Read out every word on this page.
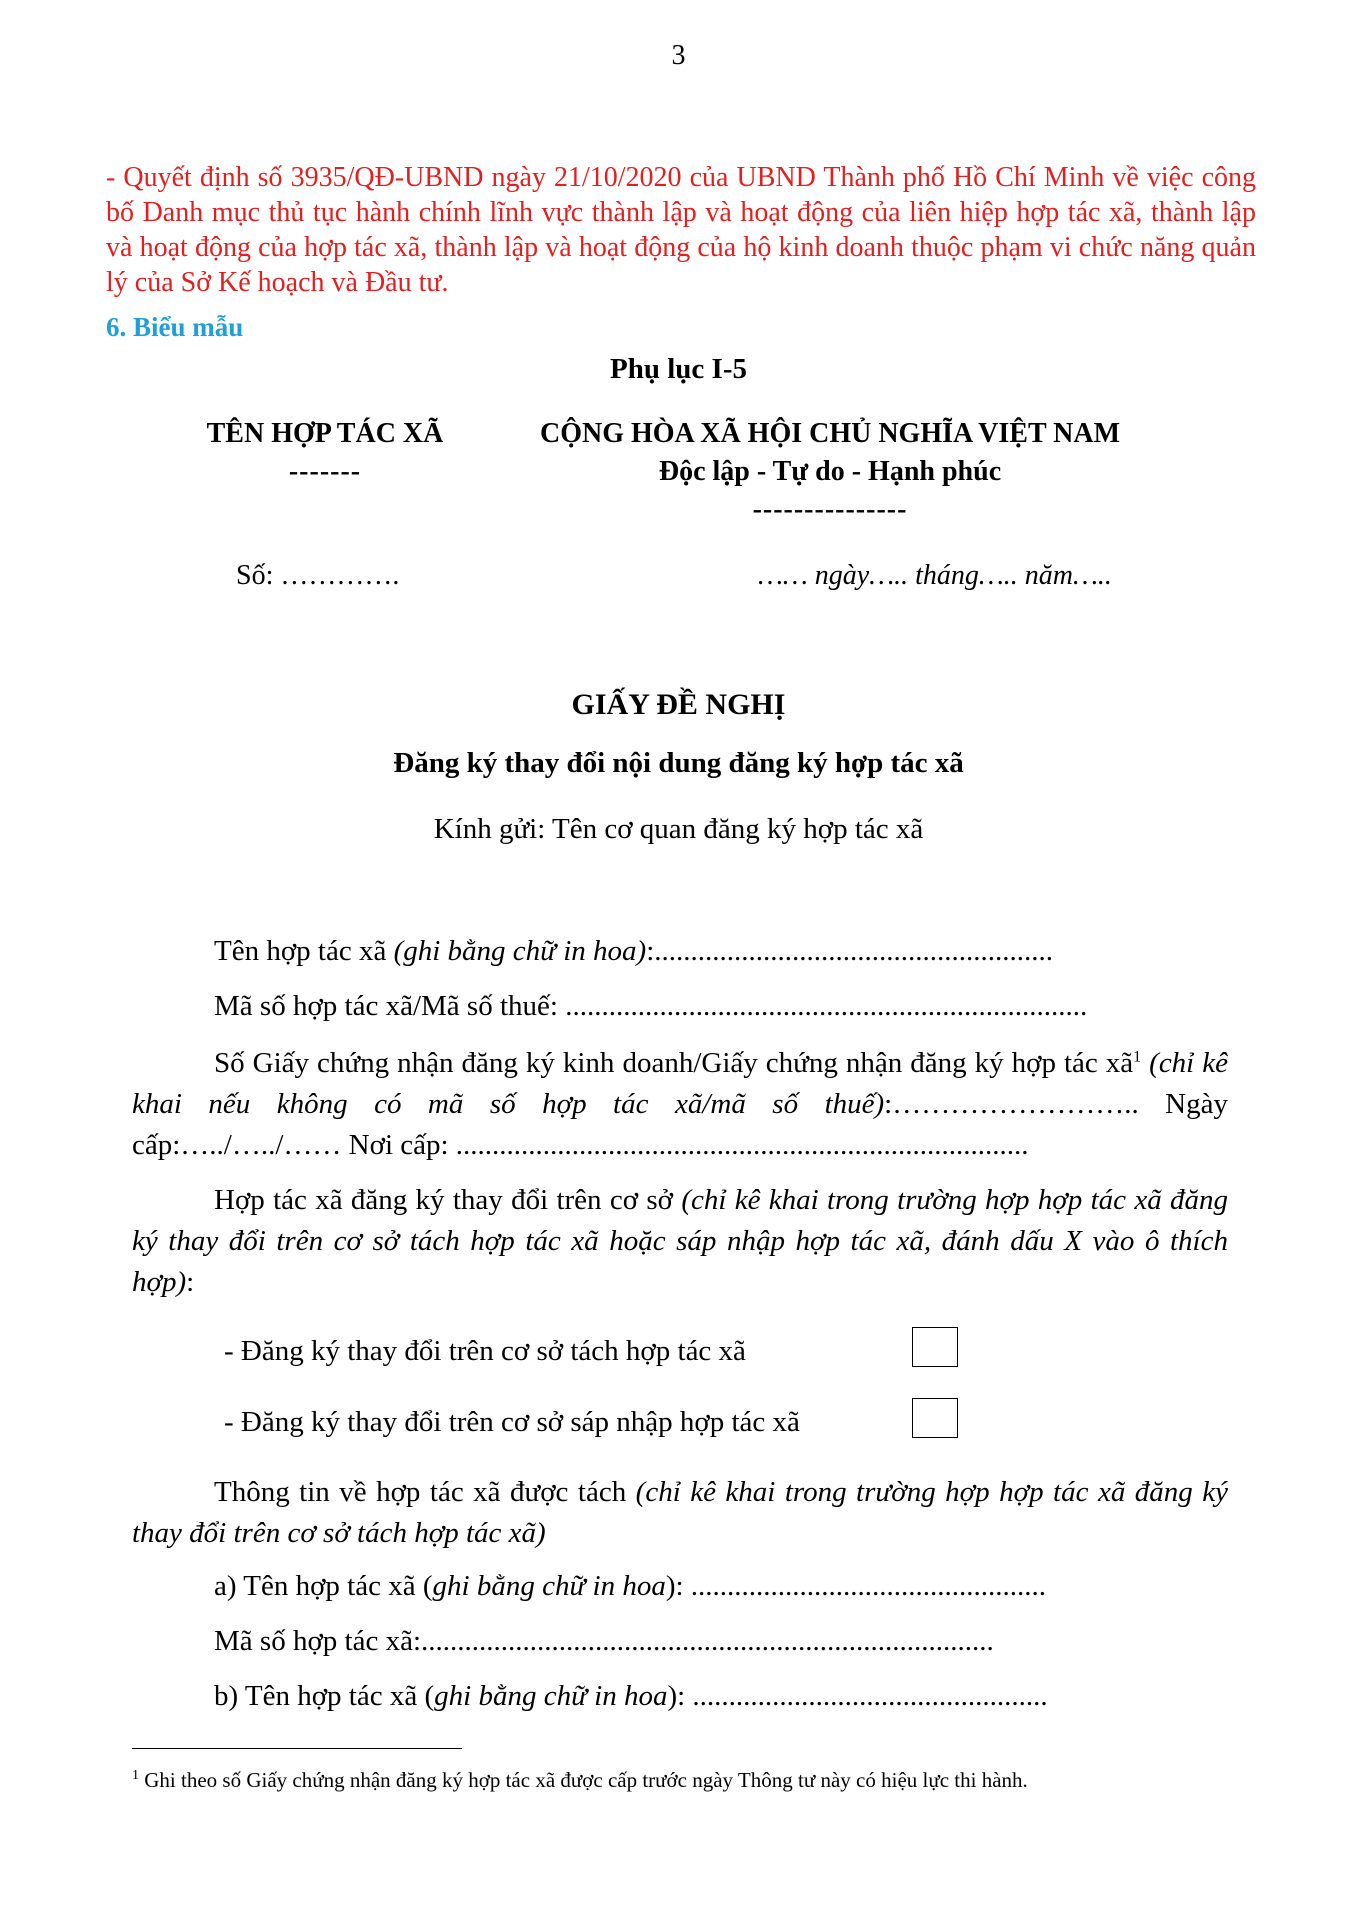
3
- Quyết định số 3935/QĐ-UBND ngày 21/10/2020 của UBND Thành phố Hồ Chí Minh về việc công bố Danh mục thủ tục hành chính lĩnh vực thành lập và hoạt động của liên hiệp hợp tác xã, thành lập và hoạt động của hợp tác xã, thành lập và hoạt động của hộ kinh doanh thuộc phạm vi chức năng quản lý của Sở Kế hoạch và Đầu tư.
6. Biểu mẫu
Phụ lục I-5
TÊN HỢP TÁC XÃ
-------
CỘNG HÒA XÃ HỘI CHỦ NGHĨA VIỆT NAM
Độc lập - Tự do - Hạnh phúc
---------------
Số: ………….	…… ngày….. tháng….. năm…..
GIẤY ĐỀ NGHỊ
Đăng ký thay đổi nội dung đăng ký hợp tác xã
Kính gửi: Tên cơ quan đăng ký hợp tác xã
Tên hợp tác xã (ghi bằng chữ in hoa):.......................................................
Mã số hợp tác xã/Mã số thuế: ........................................................................
Số Giấy chứng nhận đăng ký kinh doanh/Giấy chứng nhận đăng ký hợp tác $xã^1$ (chỉ kê khai nếu không có mã số hợp tác xã/mã số thuế):…………………….. Ngày cấp:…../…../…… Nơi cấp: ...............................................................................
Hợp tác xã đăng ký thay đổi trên cơ sở (chỉ kê khai trong trường hợp hợp tác xã đăng ký thay đổi trên cơ sở tách hợp tác xã hoặc sáp nhập hợp tác xã, đánh dấu X vào ô thích hợp):
- Đăng ký thay đổi trên cơ sở tách hợp tác xã
- Đăng ký thay đổi trên cơ sở sáp nhập hợp tác xã
Thông tin về hợp tác xã được tách (chỉ kê khai trong trường hợp hợp tác xã đăng ký thay đổi trên cơ sở tách hợp tác xã)
a) Tên hợp tác xã (ghi bằng chữ in hoa): .................................................
Mã số hợp tác xã:...............................................................................
b) Tên hợp tác xã (ghi bằng chữ in hoa): .................................................
$^1$ Ghi theo số Giấy chứng nhận đăng ký hợp tác xã được cấp trước ngày Thông tư này có hiệu lực thi hành.
